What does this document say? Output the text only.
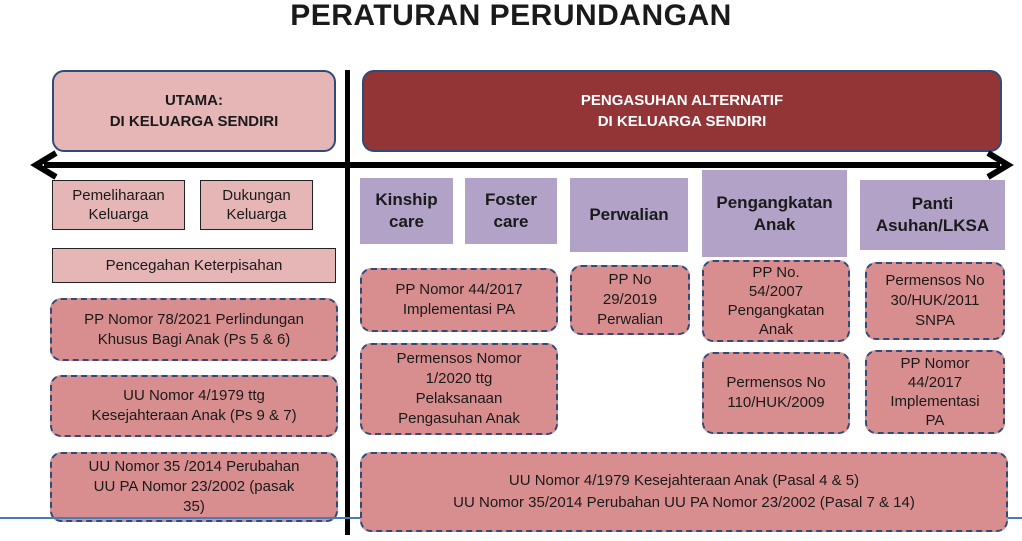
PERATURAN PERUNDANGAN
UTAMA:
DI KELUARGA SENDIRI
PENGASUHAN ALTERNATIF
DI KELUARGA SENDIRI
Pemeliharaan
Keluarga
Dukungan
Keluarga
Pencegahan Keterpisahan
PP Nomor 78/2021 Perlindungan
Khusus Bagi Anak (Ps 5 & 6)
UU Nomor 4/1979 ttg
Kesejahteraan Anak (Ps 9 & 7)
UU Nomor 35 /2014 Perubahan
UU PA Nomor 23/2002 (pasak
35)
Kinship
care
Foster
care	Perwalian
Pengangkatan
Anak
Panti
Asuhan/LKSA
PP Nomor 44/2017
Implementasi PA
Permensos Nomor
1/2020 ttg
Pelaksanaan
Pengasuhan Anak
PP No
29/2019
Perwalian
PP No.
54/2007
Pengangkatan
Anak
Permensos No
110/HUK/2009
Permensos No
30/HUK/2011
SNPA
PP Nomor
44/2017
Implementasi
PA
UU Nomor 4/1979 Kesejahteraan Anak (Pasal 4 & 5)
UU Nomor 35/2014 Perubahan UU PA Nomor 23/2002 (Pasal 7 & 14)
